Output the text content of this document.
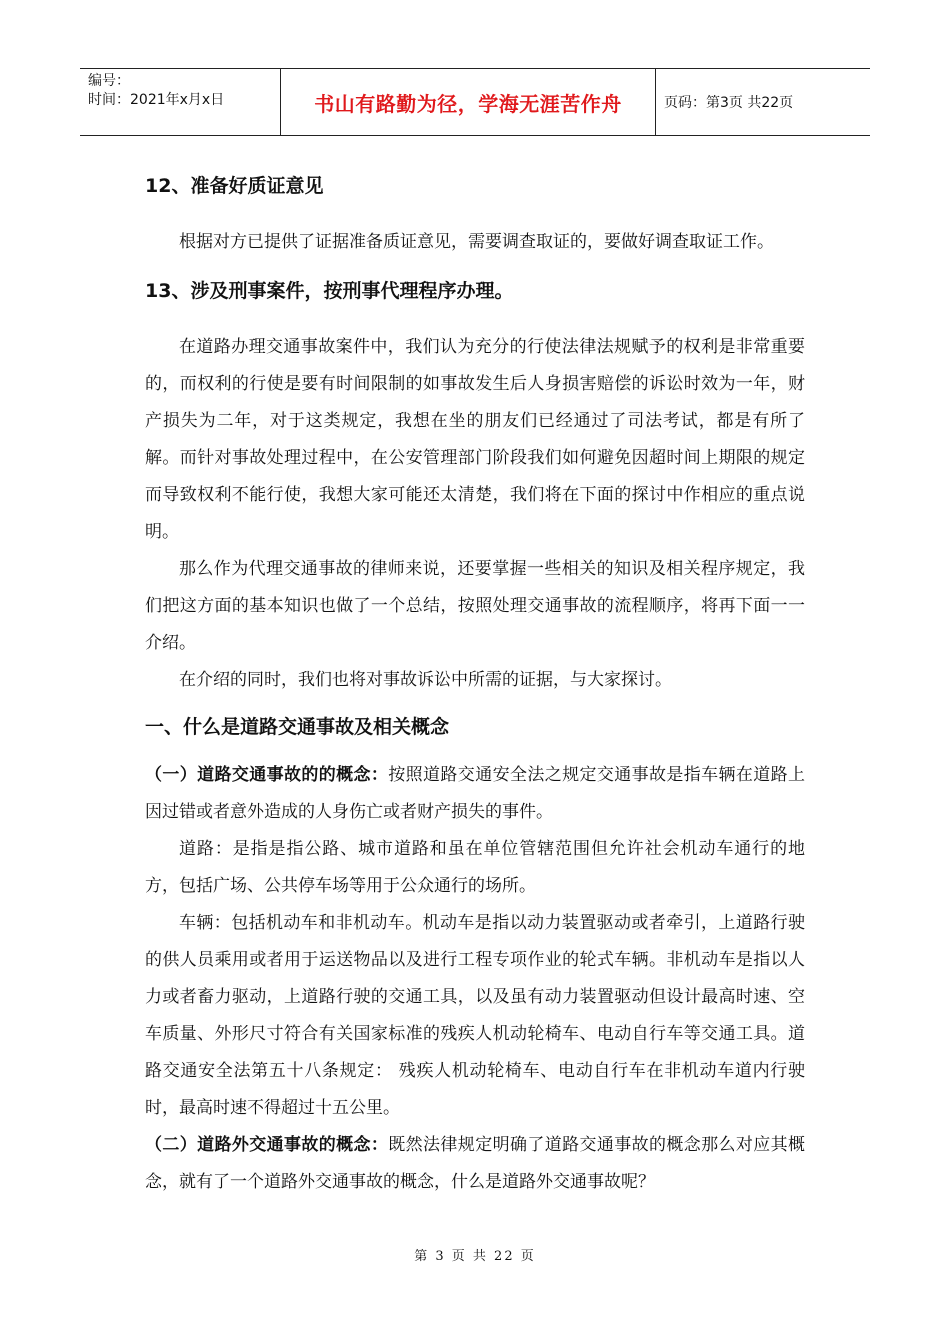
编号：
时间：2021年x月x日	书山有路勤为径，学海无涯苦作舟	页码：第3页 共22页
12、准备好质证意见

根据对方已提供了证据准备质证意见，需要调查取证的，要做好调查取证工作。

13、涉及刑事案件，按刑事代理程序办理。

在道路办理交通事故案件中，我们认为充分的行使法律法规赋予的权利是非常重要的，而权利的行使是要有时间限制的如事故发生后人身损害赔偿的诉讼时效为一年，财产损失为二年，对于这类规定，我想在坐的朋友们已经通过了司法考试，都是有所了解。而针对事故处理过程中，在公安管理部门阶段我们如何避免因超时间上期限的规定而导致权利不能行使，我想大家可能还太清楚，我们将在下面的探讨中作相应的重点说明。

那么作为代理交通事故的律师来说，还要掌握一些相关的知识及相关程序规定，我们把这方面的基本知识也做了一个总结，按照处理交通事故的流程顺序，将再下面一一介绍。

在介绍的同时，我们也将对事故诉讼中所需的证据，与大家探讨。

一、什么是道路交通事故及相关概念

（一）道路交通事故的的概念：按照道路交通安全法之规定交通事故是指车辆在道路上因过错或者意外造成的人身伤亡或者财产损失的事件。

道路：是指是指公路、城市道路和虽在单位管辖范围但允许社会机动车通行的地方，包括广场、公共停车场等用于公众通行的场所。

车辆：包括机动车和非机动车。机动车是指以动力装置驱动或者牵引，上道路行驶的供人员乘用或者用于运送物品以及进行工程专项作业的轮式车辆。非机动车是指以人力或者畜力驱动，上道路行驶的交通工具，以及虽有动力装置驱动但设计最高时速、空车质量、外形尺寸符合有关国家标准的残疾人机动轮椅车、电动自行车等交通工具。道路交通安全法第五十八条规定： 残疾人机动轮椅车、电动自行车在非机动车道内行驶时，最高时速不得超过十五公里。

（二）道路外交通事故的概念：既然法律规定明确了道路交通事故的概念那么对应其概念，就有了一个道路外交通事故的概念，什么是道路外交通事故呢？

第 3 页 共 22 页
